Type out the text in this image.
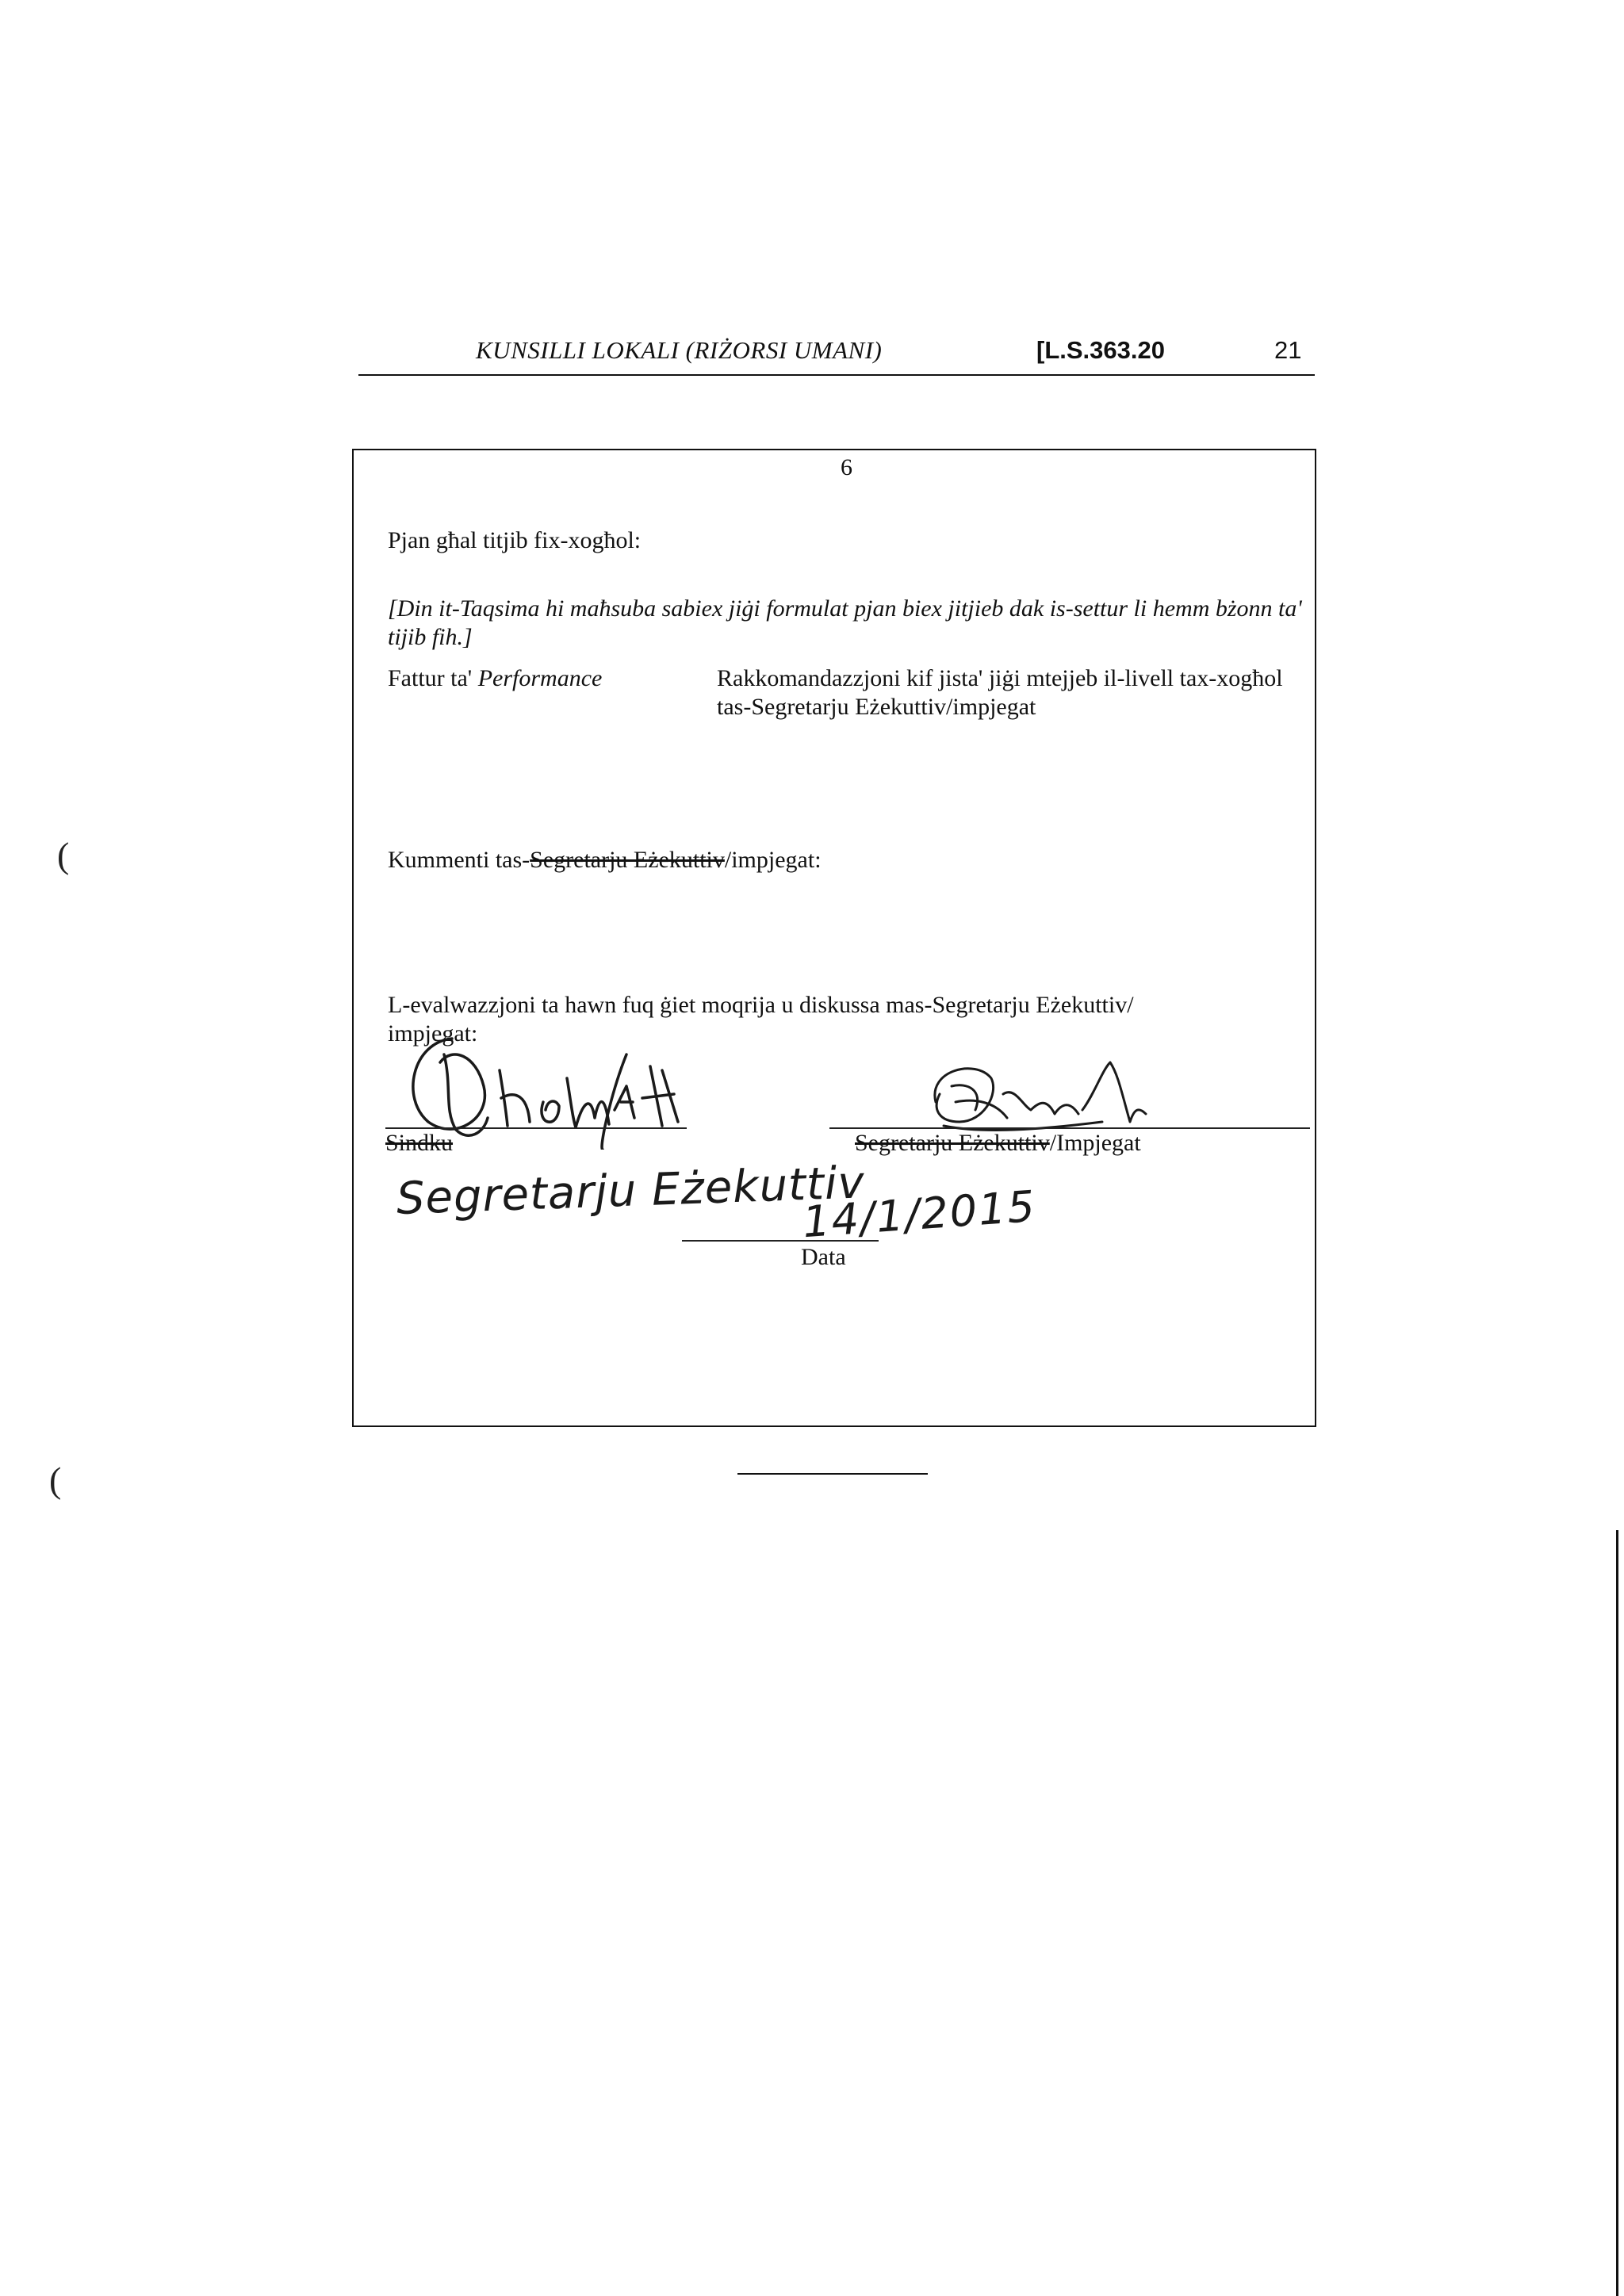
KUNSILLI LOKALI (RIŻORSI UMANI)	[L.S.363.20	21
6
Pjan għal titjib fix-xogħol:
[Din it-Taqsima hi maħsuba sabiex jiġi formulat pjan biex jitjieb dak is-settur li hemm bżonn ta' tijib fih.]
Fattur ta' Performance	Rakkomandazzjoni kif jista' jiġi mtejjeb il-livell tax-xogħol tas-Segretarju Eżekuttiv/impjegat
Kummenti tas-Segretarju Eżekuttiv/impjegat:
L-evalwazzjoni ta hawn fuq ġiet moqrija u diskussa mas-Segretarju Eżekuttiv/
impjegat:
Sindku	Segretarju Eżekuttiv/Impjegat
Segretarju Eżekuttiv
14/1/2015
Data
(
(
